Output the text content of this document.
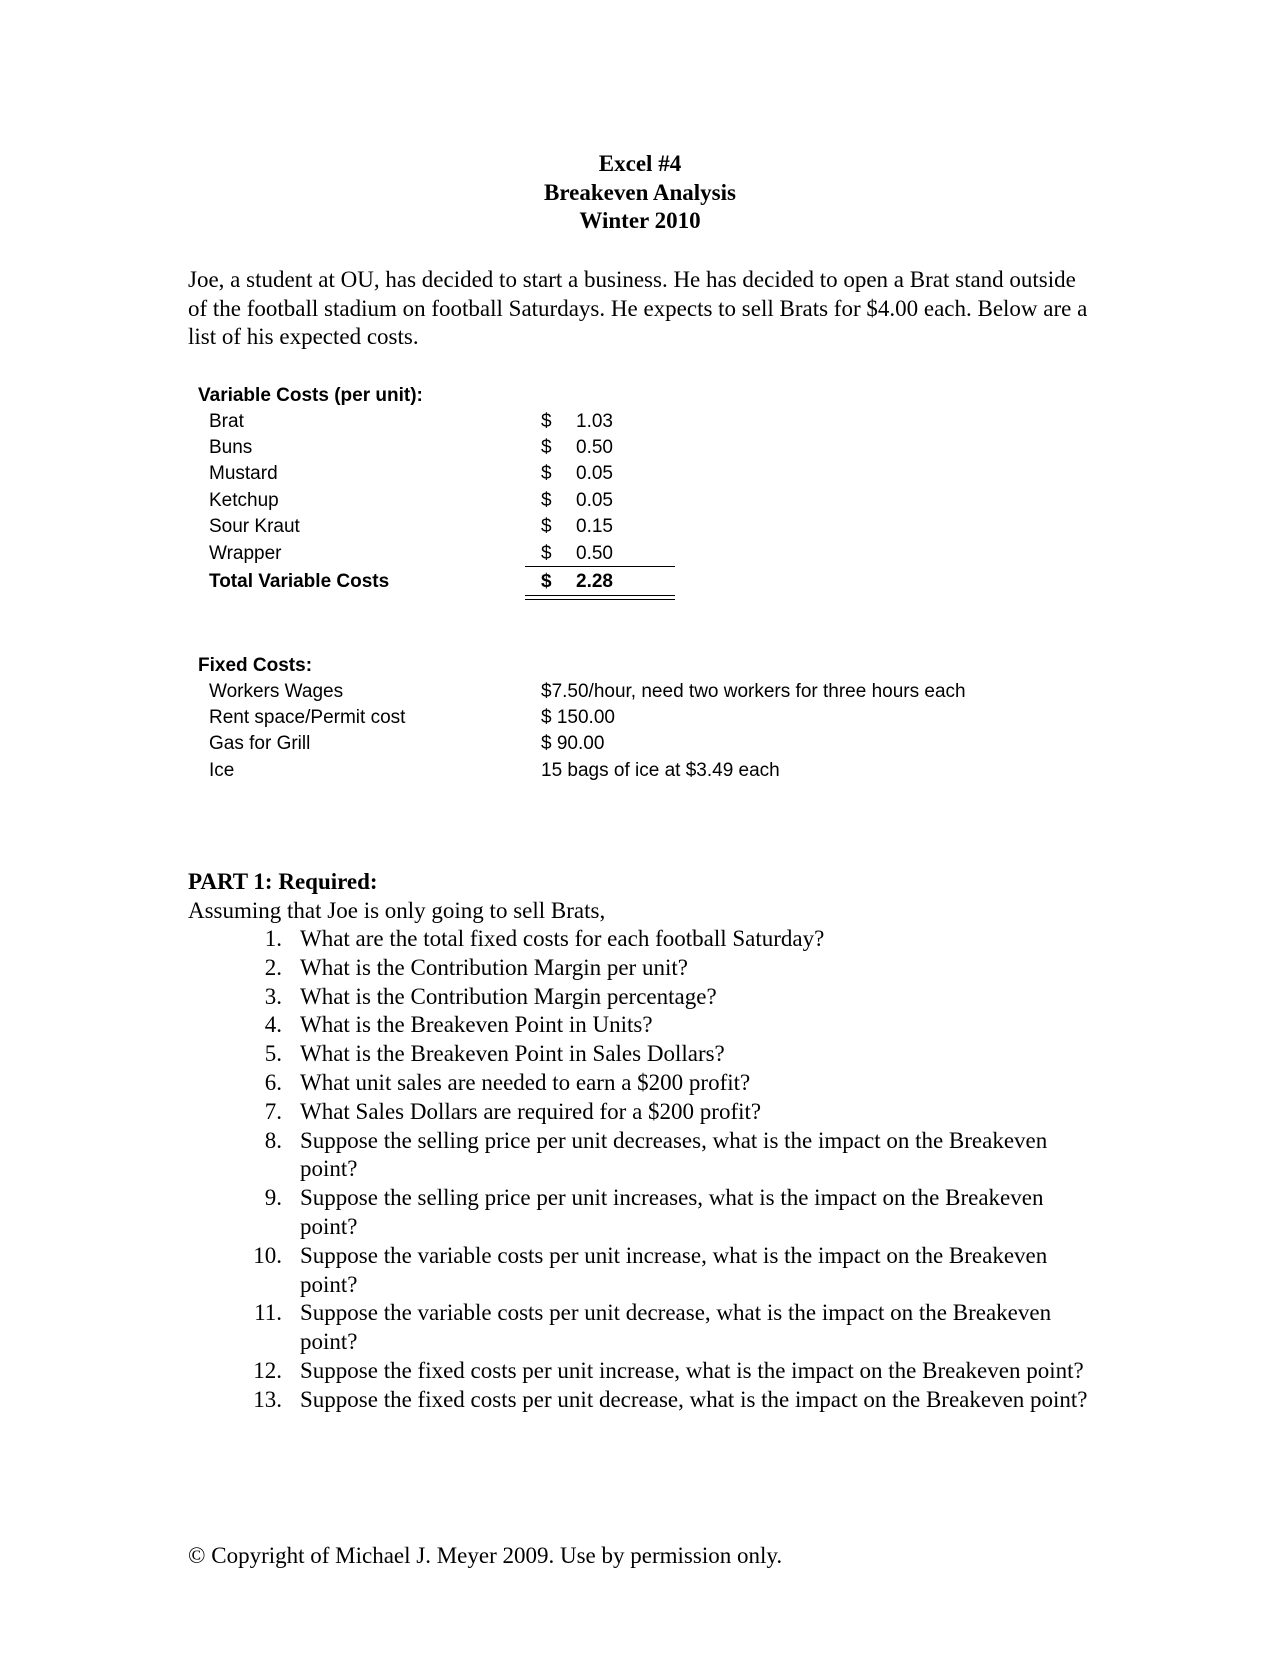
Excel #4
Breakeven Analysis
Winter 2010
Joe, a student at OU, has decided to start a business. He has decided to open a Brat stand outside of the football stadium on football Saturdays. He expects to sell Brats for $4.00 each. Below are a list of his expected costs.
Variable Costs (per unit):
Brat	$ 1.03
Buns	$ 0.50
Mustard	$ 0.05
Ketchup	$ 0.05
Sour Kraut	$ 0.15
Wrapper	$ 0.50
Total Variable Costs	$ 2.28
Fixed Costs:
Workers Wages	$7.50/hour, need two workers for three hours each
Rent space/Permit cost	$ 150.00
Gas for Grill	$ 90.00
Ice	15 bags of ice at $3.49 each
PART 1: Required:
Assuming that Joe is only going to sell Brats,
1. What are the total fixed costs for each football Saturday?
2. What is the Contribution Margin per unit?
3. What is the Contribution Margin percentage?
4. What is the Breakeven Point in Units?
5. What is the Breakeven Point in Sales Dollars?
6. What unit sales are needed to earn a $200 profit?
7. What Sales Dollars are required for a $200 profit?
8. Suppose the selling price per unit decreases, what is the impact on the Breakeven point?
9. Suppose the selling price per unit increases, what is the impact on the Breakeven point?
10. Suppose the variable costs per unit increase, what is the impact on the Breakeven point?
11. Suppose the variable costs per unit decrease, what is the impact on the Breakeven point?
12. Suppose the fixed costs per unit increase, what is the impact on the Breakeven point?
13. Suppose the fixed costs per unit decrease, what is the impact on the Breakeven point?
© Copyright of Michael J. Meyer 2009. Use by permission only.
